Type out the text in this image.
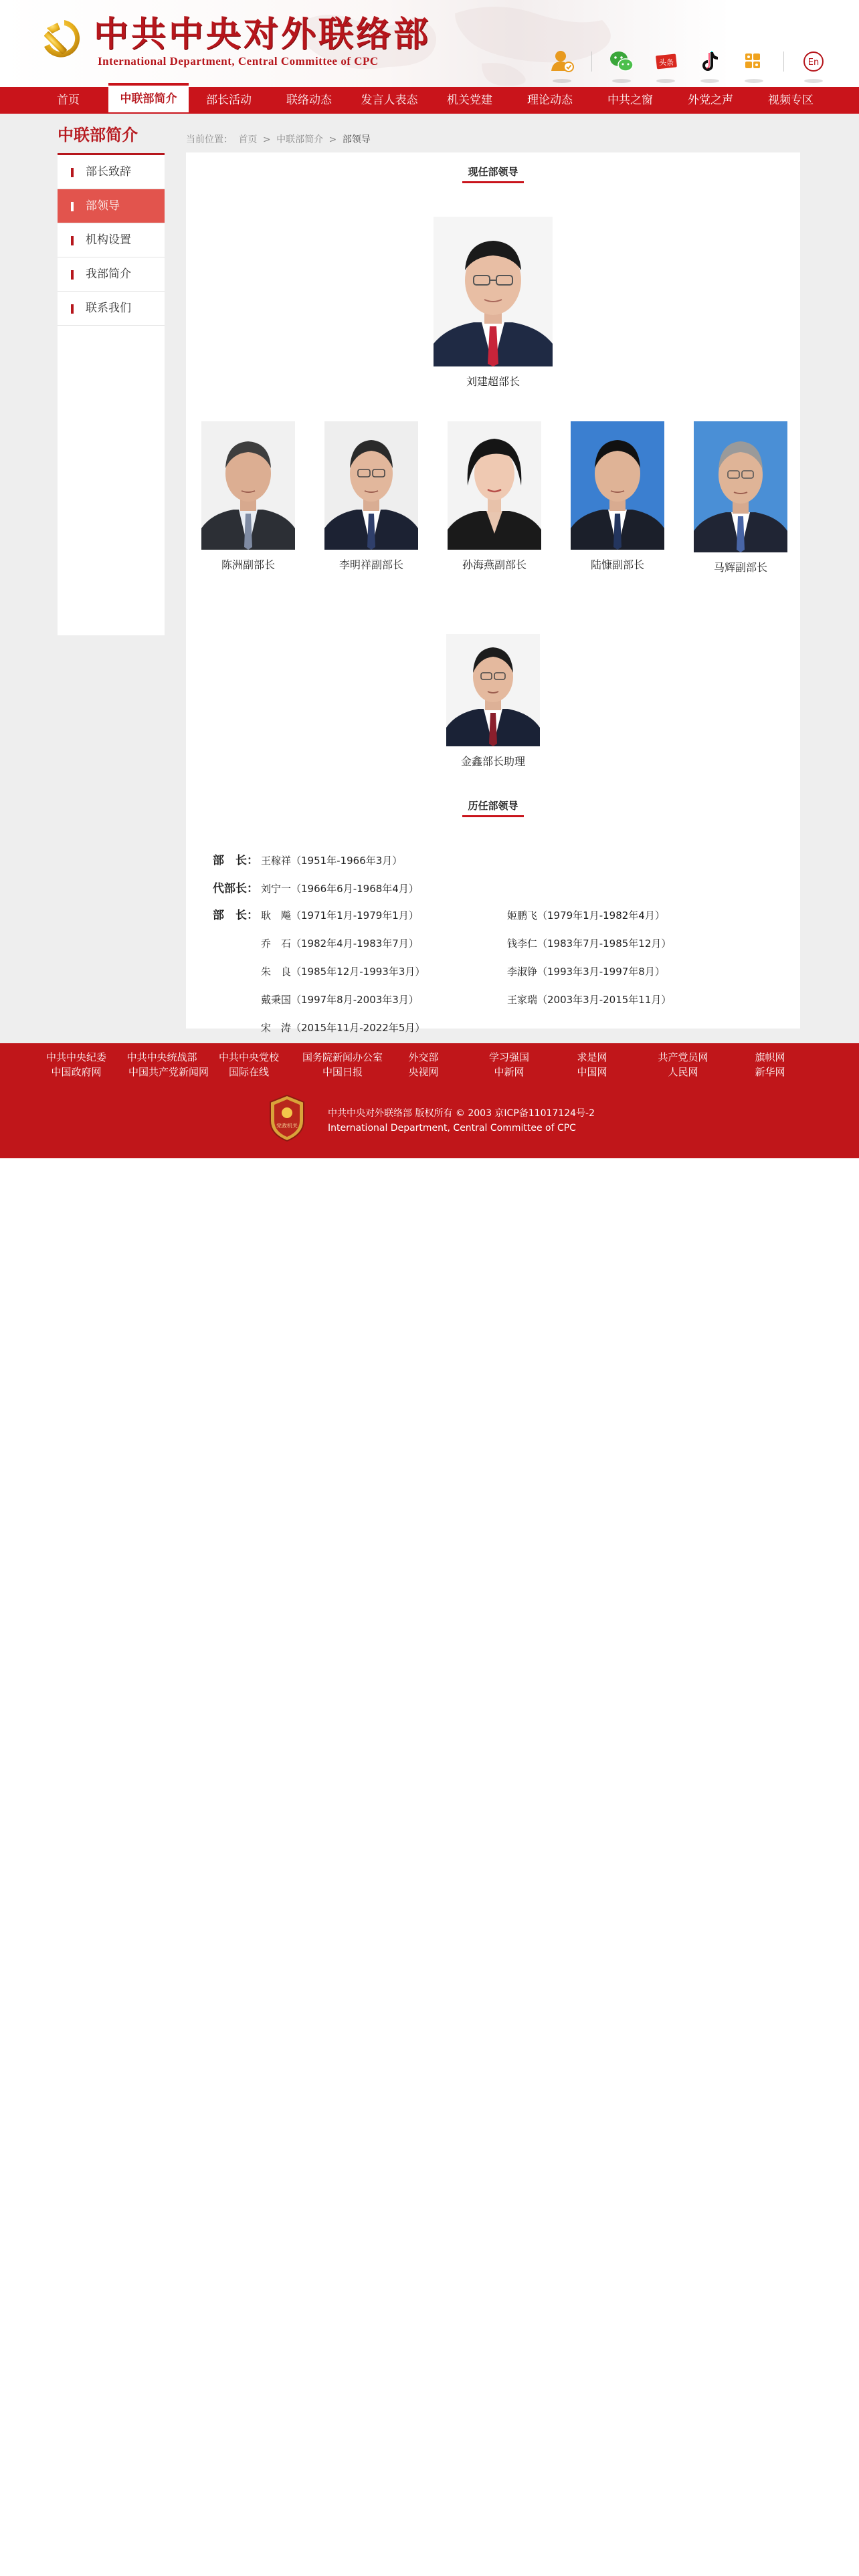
中共中央对外联络部
International Department, Central Committee of CPC	头条	En
首页	中联部简介	部长活动	联络动态	发言人表态	机关党建	理论动态	中共之窗	外党之声	视频专区
中联部简介
部长致辞
部领导
机构设置
我部简介
联系我们
当前位置： 首页 > 中联部简介 > 部领导
现任部领导
刘建超部长
陈洲副部长	李明祥副部长	孙海燕副部长	陆慷副部长	马辉副部长
金鑫部长助理
历任部领导
部　长： 王稼祥（1951年-1966年3月）
代部长： 刘宁一（1966年6月-1968年4月）
部　长： 耿　飚（1971年1月-1979年1月）	姬鹏飞（1979年1月-1982年4月）
乔　石（1982年4月-1983年7月）	钱李仁（1983年7月-1985年12月）
朱　良（1985年12月-1993年3月）	李淑铮（1993年3月-1997年8月）
戴秉国（1997年8月-2003年3月）	王家瑞（2003年3月-2015年11月）
宋　涛（2015年11月-2022年5月）
中共中央纪委	中共中央统战部	中共中央党校	国务院新闻办公室	外交部	学习强国	求是网	共产党员网	旗帜网
中国政府网	中国共产党新闻网	国际在线	中国日报	央视网	中新网	中国网	人民网	新华网
党政机关
中共中央对外联络部 版权所有 © 2003 京ICP备11017124号-2
International Department, Central Committee of CPC
